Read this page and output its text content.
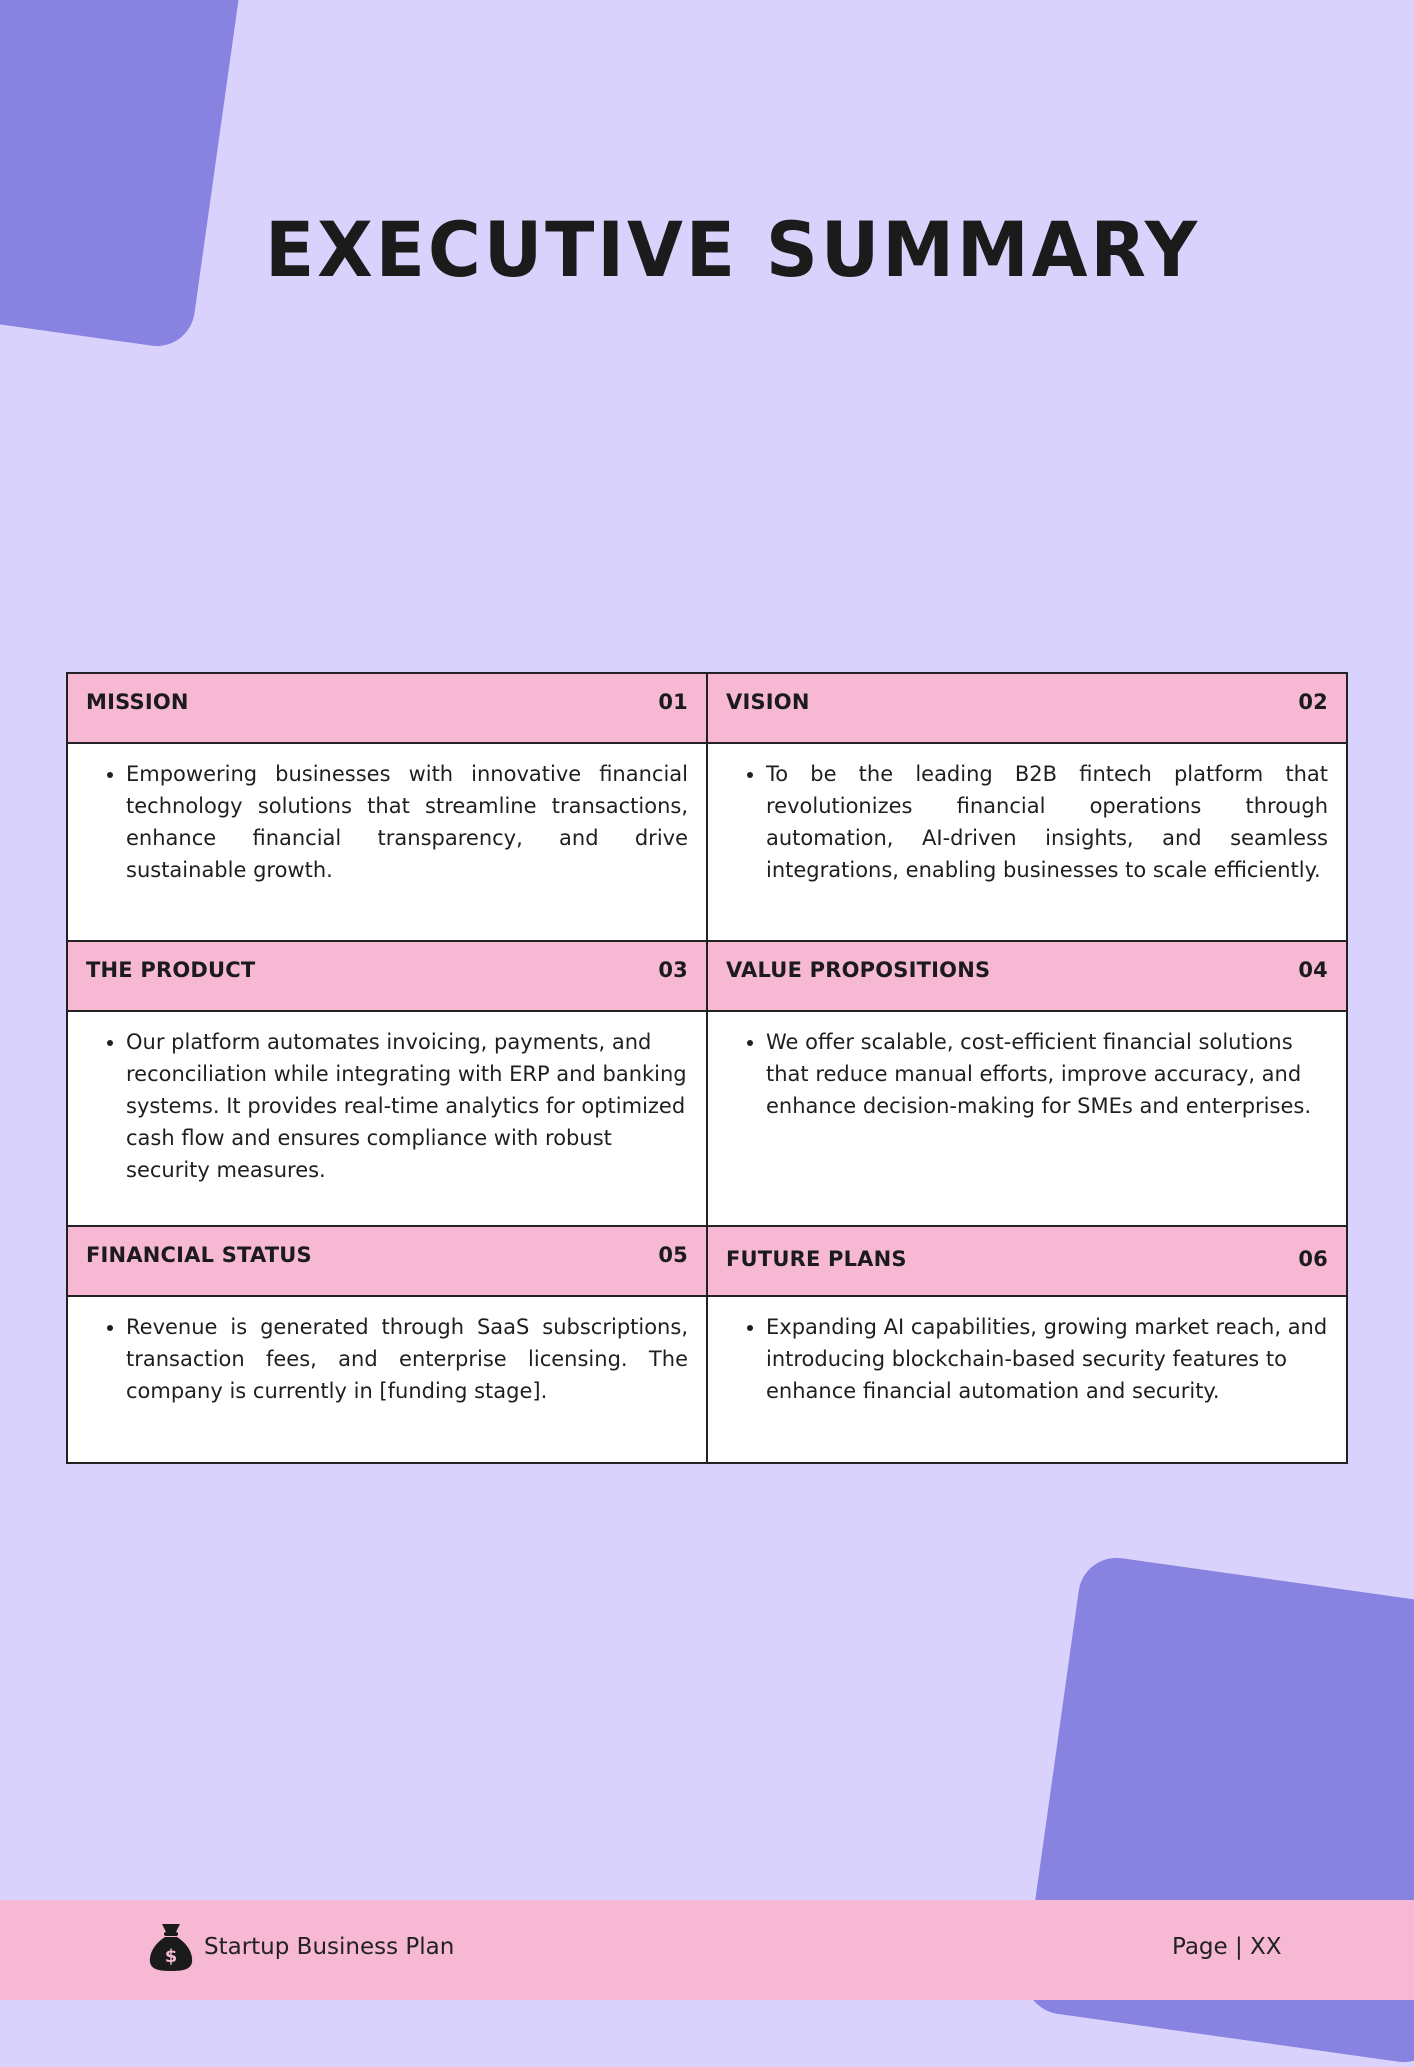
EXECUTIVE SUMMARY
MISSION 01	VISION 02

• Empowering businesses with innovative financial technology solutions that streamline transactions, enhance financial transparency, and drive sustainable growth.

• To be the leading B2B fintech platform that revolutionizes financial operations through automation, AI-driven insights, and seamless integrations, enabling businesses to scale efficiently.

THE PRODUCT 03	VALUE PROPOSITIONS 04

• Our platform automates invoicing, payments, and reconciliation while integrating with ERP and banking systems. It provides real-time analytics for optimized cash flow and ensures compliance with robust security measures.

• We offer scalable, cost-efficient financial solutions that reduce manual efforts, improve accuracy, and enhance decision-making for SMEs and enterprises.

FINANCIAL STATUS 05	FUTURE PLANS 06

• Revenue is generated through SaaS subscriptions, transaction fees, and enterprise licensing. The company is currently in [funding stage].

• Expanding AI capabilities, growing market reach, and introducing blockchain-based security features to enhance financial automation and security.
$ Startup Business Plan	Page | XX
